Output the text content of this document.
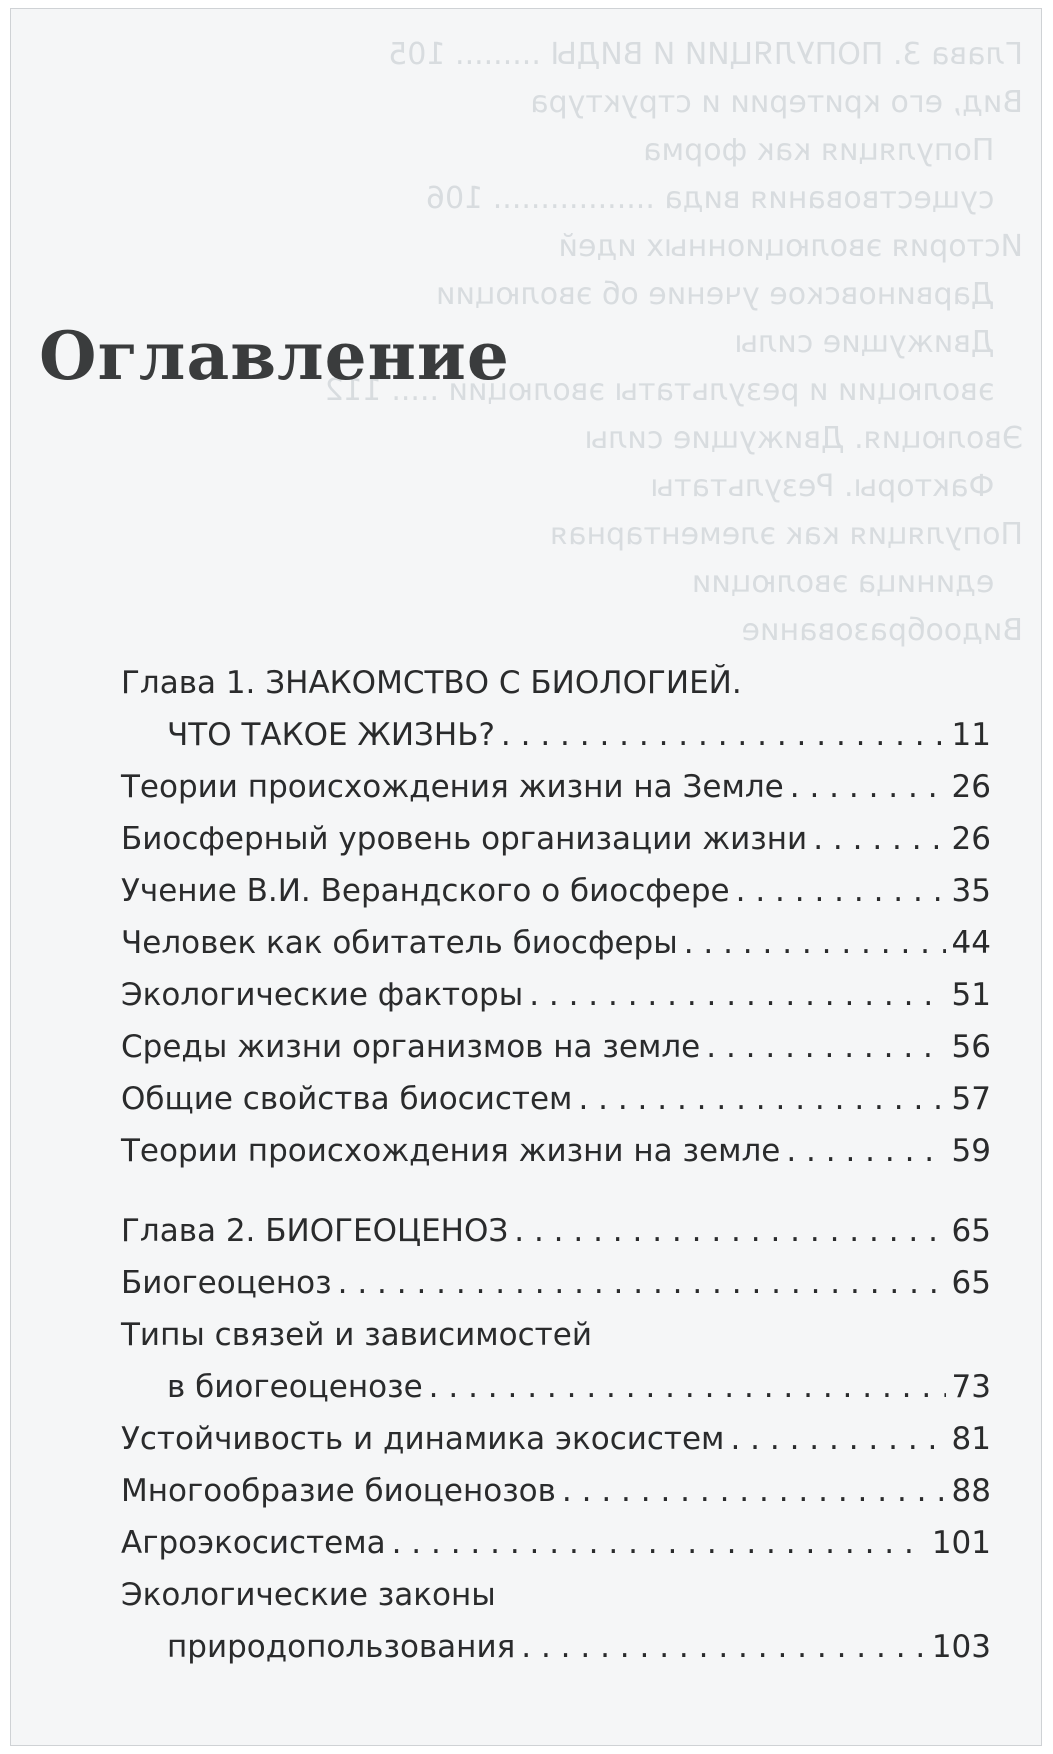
Глава 3. ПОПУЛЯЦИИ И ВИДЫ ......... 105
Вид, его критерии и структура
Популяция как форма
существования вида ................. 106
История эволюционных идей
Дарвиновское учение об эволюции
Движущие силы
эволюции и результаты эволюции ..... 112
Эволюция. Движущие силы
Факторы. Результаты
Популяция как элементарная
единица эволюции
Видообразование
Оглавление
Глава 1. ЗНАКОМСТВО С БИОЛОГИЕЙ.
ЧТО ТАКОЕ ЖИЗНЬ? . . .	11
Теории происхождения жизни на Земле . . .	26
Биосферный уровень организации жизни . . .	26
Учение В.И. Верандского о биосфере . . .	35
Человек как обитатель биосферы . . .	44
Экологические факторы . . .	51
Среды жизни организмов на земле . . .	56
Общие свойства биосистем . . .	57
Теории происхождения жизни на земле . . .	59
Глава 2. БИОГЕОЦЕНОЗ . . .	65
Биогеоценоз . . .	65
Типы связей и зависимостей
в биогеоценозе . . .	73
Устойчивость и динамика экосистем . . .	81
Многообразие биоценозов . . .	88
Агроэкосистема . . .	101
Экологические законы
природопользования . . .	103
